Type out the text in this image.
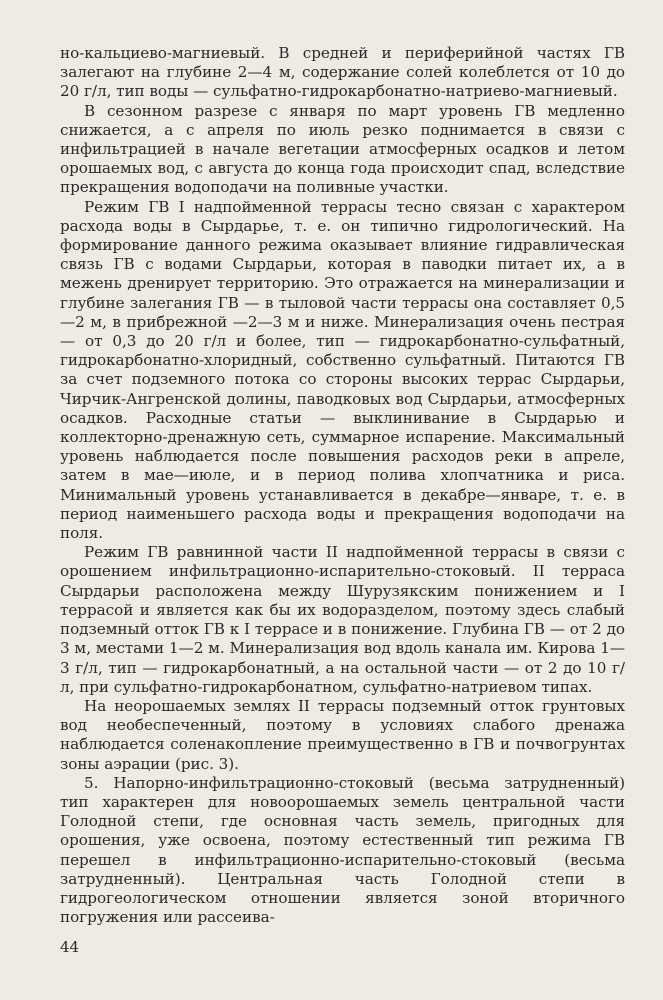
но-кальциево-магниевый. В средней и периферийной частях ГВ залегают на глубине 2—4 м, содержание солей колеблется от 10 до 20 г/л, тип воды — сульфатно-гидрокарбонатно-натриево-магниевый.

В сезонном разрезе с января по март уровень ГВ медленно снижается, а с апреля по июль резко поднимается в связи с инфильтрацией в начале вегетации атмосферных осадков и летом орошаемых вод, с августа до конца года происходит спад, вследствие прекращения водоподачи на поливные участки.

Режим ГВ I надпойменной террасы тесно связан с характером расхода воды в Сырдарье, т. е. он типично гидрологический. На формирование данного режима оказывает влияние гидравлическая связь ГВ с водами Сырдарьи, которая в паводки питает их, а в межень дренирует территорию. Это отражается на минерализации и глубине залегания ГВ — в тыловой части террасы она составляет 0,5—2 м, в прибрежной —2—3 м и ниже. Минерализация очень пестрая — от 0,3 до 20 г/л и более, тип — гидрокарбонатно-сульфатный, гидрокарбонатно-хлоридный, собственно сульфатный. Питаются ГВ за счет подземного потока со стороны высоких террас Сырдарьи, Чирчик-Ангренской долины, паводковых вод Сырдарьи, атмосферных осадков. Расходные статьи — выклинивание в Сырдарью и коллекторно-дренажную сеть, суммарное испарение. Максимальный уровень наблюдается после повышения расходов реки в апреле, затем в мае—июле, и в период полива хлопчатника и риса. Минимальный уровень устанавливается в декабре—январе, т. е. в период наименьшего расхода воды и прекращения водоподачи на поля.

Режим ГВ равнинной части II надпойменной террасы в связи с орошением инфильтрационно-испарительно-стоковый. II терраса Сырдарьи расположена между Шурузякским понижением и I террасой и является как бы их водоразделом, поэтому здесь слабый подземный отток ГВ к I террасе и в понижение. Глубина ГВ — от 2 до 3 м, местами 1—2 м. Минерализация вод вдоль канала им. Кирова 1—3 г/л, тип — гидрокарбонатный, а на остальной части — от 2 до 10 г/л, при сульфатно-гидрокарбонатном, сульфатно-натриевом типах.

На неорошаемых землях II террасы подземный отток грунтовых вод необеспеченный, поэтому в условиях слабого дренажа наблюдается соленакопление преимущественно в ГВ и почвогрунтах зоны аэрации (рис. 3).

5. Напорно-инфильтрационно-стоковый (весьма затрудненный) тип характерен для новоорошаемых земель центральной части Голодной степи, где основная часть земель, пригодных для орошения, уже освоена, поэтому естественный тип режима ГВ перешел в инфильтрационно-испарительно-стоковый (весьма затрудненный). Центральная часть Голодной степи в гидрогеологическом отношении является зоной вторичного погружения или рассеива-

44
